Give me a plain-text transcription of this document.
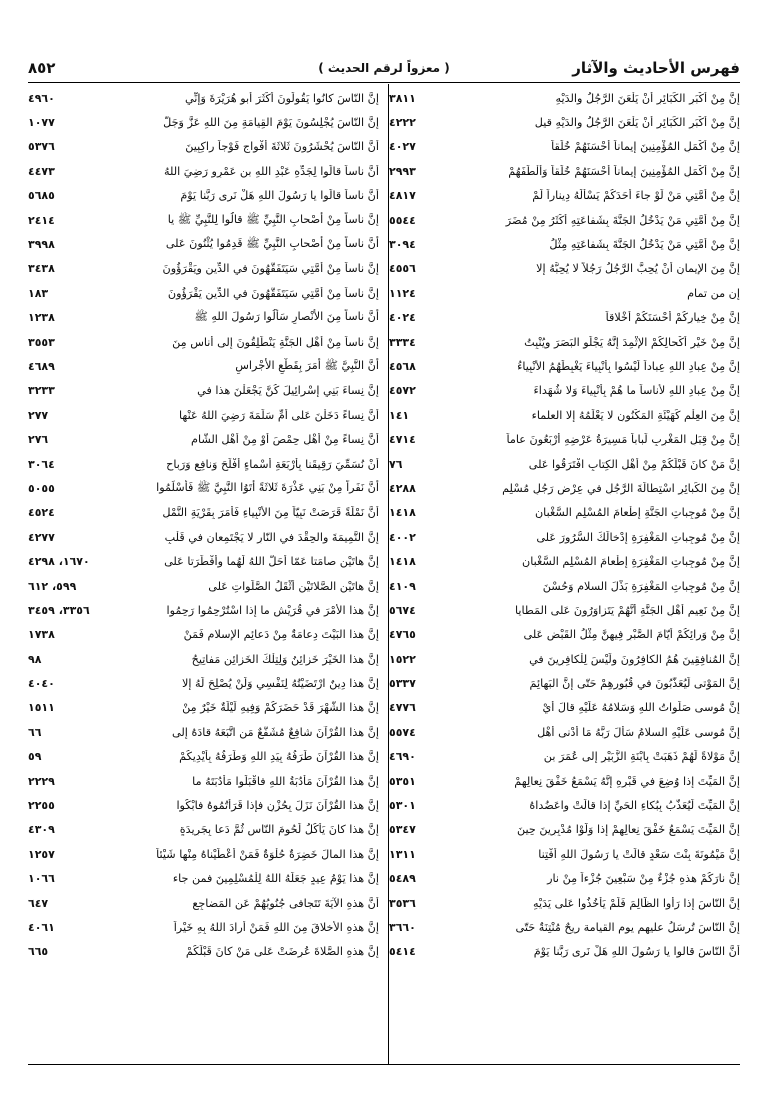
فهرس الأحاديث والآثار
( معزواً لرقم الحديث )
٨٥٢
إنَّ مِنْ أكْبَرِ الكَبَائِرِ أنْ يَلْعَنَ الرَّجُلُ والدَيْهِ
٣٨١١
إنَّ مِنْ أكْبَرِ الكَبَائِرِ أنْ يَلْعَنَ الرَّجُلُ والدَيْهِ قيل
٤٢٢٢
إنَّ مِنْ أكْمَلِ المُؤْمِنِينَ إيماناً أحْسَنَهُمْ خُلُقاً
٤٠٢٧
إنَّ مِنْ أكْمَلِ المُؤْمِنِينَ إيماناً أحْسَنَهُمْ خُلُقاً وَألْطَفَهُمْ
٢٩٩٣
إنَّ مِنْ أُمَّتِي مَنْ لَوْ جاءَ أحَدَكُمْ يَسْألُهُ دِيناراً لَمْ
٤٨١٧
إنَّ مِنْ أُمَّتِي مَنْ يَدْخُلُ الجَنَّةَ بِشَفاعَتِهِ أكْثَرُ مِنْ مُضَرَ
٥٥٤٤
إنَّ مِنْ أُمَّتِي مَنْ يَدْخُلُ الجَنَّةَ بِشَفاعَتِهِ مِثْلُ
٣٠٩٤
إنَّ مِنَ الإيمانِ أنْ يُحِبَّ الرَّجُلُ رَجُلاً لا يُحِبُّهُ إلا
٤٥٥٦
إن من تمام
١١٢٤
إنَّ مِنْ خِيارِكُمْ أحْسَنَكُمْ أخْلاقاً
٤٠٢٤
إنَّ مِنْ خَيْرِ أكْحالِكُمْ الإثْمِدَ إنَّهُ يَجْلُو البَصَرَ ويُنْبِتُ
٣٣٣٤
إنَّ مِنْ عِبادِ اللهِ عِباداً لَيْسُوا بِأنْبِياءَ يَغْبِطُهُمُ الأنْبِياءُ
٤٥٦٨
إنَّ مِنْ عِبادِ اللهِ لأناساً ما هُمْ بِأنْبِياءَ وَلا شُهَداءَ
٤٥٧٢
إنَّ مِنَ العِلْمِ كَهَيْئَةِ المَكْنُونِ لا يَعْلَمُهُ إلا العلماء
١٤١
إنَّ مِنْ قِبَلِ المَغْرِبِ لَباباً مَسِيرَةُ عَرْضِهِ أرْبَعُونَ عاماً
٤٧١٤
إنَّ مَنْ كانَ قَبْلَكُمْ مِنْ أهْلِ الكِتابِ افْتَرَقُوا عَلى
٧٦
إنَّ مِنَ الكَبائِرِ اسْتِطالَةَ الرَّجُلِ في عِرْضِ رَجُلٍ مُسْلِمٍ
٤٢٨٨
إنَّ مِنْ مُوجِباتِ الجَنَّةِ إطْعامَ المُسْلِمِ السَّغْبانِ
١٤١٨
إنَّ مِنْ مُوجِباتِ المَغْفِرَةِ إدْخالَكَ السُّرُورَ عَلى
٤٠٠٢
إنَّ مِنْ مُوجِباتِ المَغْفِرَةِ إطْعامَ المُسْلِمِ السَّغْبانِ
١٤١٨
إنَّ مِنْ مُوجِباتِ المَغْفِرَةِ بَذْلَ السلامِ وَحُسْنَ
٤١٠٩
إنَّ مِنْ نَعِيمِ أهْلِ الجَنَّةِ أنَّهُمْ يَتَزاوَرُونَ عَلى المَطايا
٥٦٧٤
إنَّ مِنْ وَرائِكُمْ أيّامَ الصَّبْرِ فِيهِنَّ مِثْلُ القَبْضِ عَلى
٤٧٦٥
إنَّ المُنافِقِينَ هُمُ الكافِرُونَ ولَيْسَ لِلْكافِرِينَ في
١٥٢٢
إنَّ المَوْتى لَيُعَذَّبُونَ في قُبُورِهِمْ حَتّى إنَّ البَهائِمَ
٥٣٣٧
إنَّ مُوسى صَلَواتُ اللهِ وَسَلامُهُ عَلَيْهِ قالَ أيْ
٤٧٧٦
إنَّ مُوسى عَلَيْهِ السلامُ سَألَ رَبَّهُ مَا أدْنى أهْلِ
٥٥٧٤
إنَّ مَوْلاةً لَهُمْ ذَهَبَتْ بِابْنَةِ الزُّبَيْرِ إلى عُمَرَ بنِ
٤٦٩٠
إنَّ المَيِّتَ إذا وُضِعَ في قَبْرِهِ إنَّهُ يَسْمَعُ خَفْقَ نِعالِهِمْ
٥٣٥١
إنَّ المَيِّتَ لَيُعَذَّبُ بِبُكاءِ الحَيِّ إذا قالَتْ واعَضُداهُ
٥٣٠١
إنَّ المَيِّتَ يَسْمَعُ خَفْقَ نِعالِهِمْ إذا وَلَّوْا مُدْبِرِينَ حِينَ
٥٣٤٧
إنَّ مَيْمُونَةَ بِنْتَ سَعْدٍ قالَتْ يا رَسُولَ اللهِ أفْتِنا
١٣١١
إنَّ نارَكُمْ هذهِ جُزْءٌ مِنْ سَبْعِينَ جُزْءاً مِنْ نارِ
٥٤٨٩
إنَّ النّاسَ إذا رَأوا الظّالِمَ فَلَمْ يَأْخُذُوا عَلى يَدَيْهِ
٣٥٣٦
إنَّ النّاسَ تُرسَلُ عليهم يوم القيامة ريحٌ مُنْتِنَةٌ حَتّى
٣٦٦٠
أنَّ النّاسَ قالوا يا رَسُولَ اللهِ هَلْ نَرى رَبَّنا يَوْمَ
٥٤١٤
إنَّ النّاسَ كانُوا يَقُولُونَ أكْثَرَ أبو هُرَيْرَةَ وَإنِّي
٤٩٦٠
إنَّ النّاسَ يُجْلِسُونَ يَوْمَ القِيامَةِ مِنَ اللهِ عَزَّ وَجَلَّ
١٠٧٧
أنَّ النّاسَ يُحْشَرُونَ ثَلاثَةَ أفْواجٍ فَوْجاً راكِبِينَ
٥٣٧٦
أنَّ ناساً قالُوا لِجَدِّهِ عَبْدِ اللهِ بنِ عَمْرٍو رَضِيَ اللهُ
٤٤٧٣
أنَّ ناساً قالُوا يا رَسُولَ اللهِ هَلْ نَرى رَبَّنا يَوْمَ
٥٦٨٥
إنَّ ناساً مِنْ أصْحابِ النَّبِيِّ ﷺ قالُوا لِلنَّبِيِّ ﷺ يا
٢٤١٤
أنَّ ناساً مِنْ أصْحابِ النَّبِيِّ ﷺ قَدِمُوا يُثْنُونَ عَلى
٣٩٩٨
إنَّ ناساً مِنْ أُمَّتِي سَيَتَفَقَّهُونَ في الدِّينِ ويَقْرَؤُونَ
٣٤٣٨
إنَّ ناساً مِنْ أُمَّتِي سَيَتَفَقَّهُونَ في الدِّينِ يَقْرَؤُونَ
١٨٣
أنَّ ناساً مِنَ الأنْصارِ سَألُوا رَسُولَ اللهِ ﷺ
١٢٣٨
إنَّ ناساً مِنْ أهْلِ الجَنَّةِ يَنْطَلِقُونَ إلى أُناسٍ مِنَ
٣٥٥٣
أنَّ النَّبِيَّ ﷺ أمَرَ بِقَطْعِ الأجْراسِ
٤٦٨٩
إنَّ نِساءَ بَنِي إسْرائِيلَ كُنَّ يَجْعَلْنَ هذا في
٣٢٣٣
أنَّ نِساءً دَخَلْنَ عَلى أُمِّ سَلَمَةَ رَضِيَ اللهُ عَنْها
٢٧٧
أنَّ نِساءً مِنْ أهْلِ حِمْصَ أوْ مِنْ أهْلِ الشّامِ
٢٧٦
أنْ نُسَمِّيَ رَقِيقَنا بِأرْبَعَةِ أسْماءٍ أفْلَحَ وَنافِعٍ وَرَباحٍ
٣٠٦٤
أنَّ نَفَراً مِنْ بَنِي عَذْرَةَ ثَلاثَةً أتَوُا النَّبِيَّ ﷺ فَأسْلَمُوا
٥٠٥٥
أنَّ نَمْلَةً قَرَصَتْ نَبِيّاً مِنَ الأنْبِياءِ فَأمَرَ بِقَرْيَةِ النَّمْلِ
٤٥٢٤
إنَّ النَّمِيمَةَ والحِقْدَ في النّارِ لا يَجْتَمِعانِ في قَلْبِ
٤٢٧٧
إنَّ هاتَيْنِ صامَتا عَمّا أحَلَّ اللهُ لَهُما وأفْطَرَتا عَلى
١٦٧٠، ٤٢٩٨
إنَّ هاتَيْنِ الصَّلاتَيْنِ أثْقَلُ الصَّلَواتِ عَلى
٥٩٩، ٦١٢
إنَّ هذا الأمْرَ في قُرَيْشٍ ما إذا اسْتُرْحِمُوا رَحِمُوا
٣٣٥٦، ٣٤٥٩
إنَّ هذا البَيْتَ دِعامَةٌ مِنْ دَعائِمِ الإسلامِ فَمَنْ
١٧٣٨
إنَّ هذا الخَيْرَ خَزائِنُ وَلِتِلْكَ الخَزائِنِ مَفاتِيحُ
٩٨
إنَّ هذا دِينٌ ارْتَضَيْتُهُ لِنَفْسِي وَلَنْ يُصْلِحَ لَهُ إلا
٤٠٤٠
إنَّ هذا الشَّهْرَ قَدْ حَضَرَكُمْ وَفِيهِ لَيْلَةٌ خَيْرٌ مِنْ
١٥١١
إنَّ هذا القُرْآنَ شافِعٌ مُشَفَّعٌ مَنِ اتَّبَعَهُ قادَهُ إلى
٦٦
إنَّ هذا القُرْآنَ طَرَفُهُ بِيَدِ اللهِ وَطَرَفُهُ بِأيْدِيكُمْ
٥٩
إنَّ هذا القُرْآنَ مَأْدُبَةُ اللهِ فاقْبَلُوا مَأْدُبَتَهُ ما
٢٢٢٩
إنَّ هذا القُرْآنَ نَزَلَ بِحُزْنٍ فإذا قَرَأْتُمُوهُ فابْكُوا
٢٢٥٥
إنَّ هذا كانَ يَأْكُلُ لُحُومَ النّاسِ ثُمَّ دَعا بِجَرِيدَةٍ
٤٣٠٩
إنَّ هذا المالَ خَضِرَةٌ حُلْوَةٌ فَمَنْ أعْطَيْناهُ مِنْها شَيْئاً
١٢٥٧
إنَّ هذا يَوْمُ عِيدٍ جَعَلَهُ اللهُ لِلْمُسْلِمِينَ فمن جاء
١٠٦٦
أنَّ هذهِ الآيَةَ تَتَجافى جُنُوبُهُمْ عَنِ المَضاجِعِ
٦٤٧
إنَّ هذهِ الأخلاقَ مِنَ اللهِ فَمَنْ أرادَ اللهُ بِهِ خَيْراً
٤٠٦١
إنَّ هذهِ الصَّلاةَ عُرِضَتْ عَلى مَنْ كانَ قَبْلَكُمْ
٦٦٥
